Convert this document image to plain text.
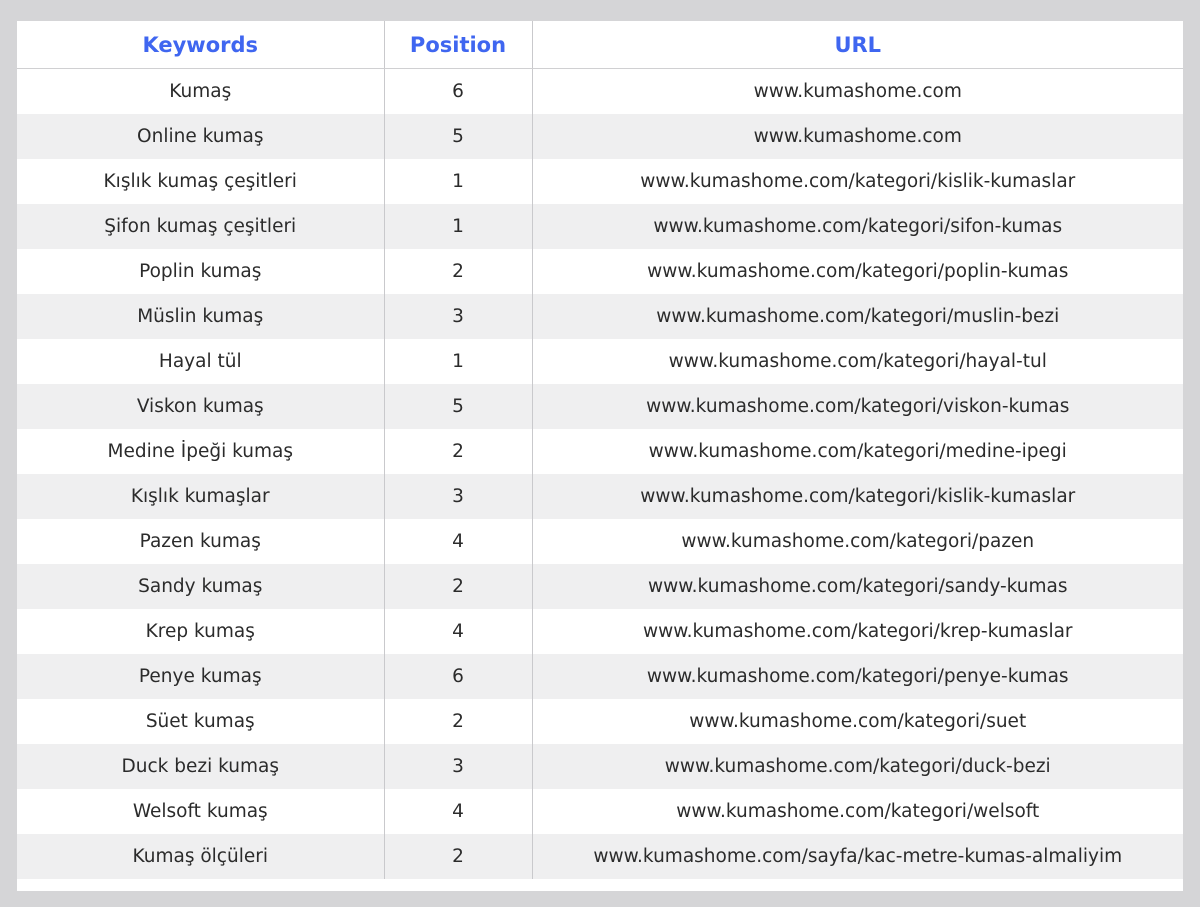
Keywords	Position	URL
Kumaş	6	www.kumashome.com
Online kumaş	5	www.kumashome.com
Kışlık kumaş çeşitleri	1	www.kumashome.com/kategori/kislik-kumaslar
Şifon kumaş çeşitleri	1	www.kumashome.com/kategori/sifon-kumas
Poplin kumaş	2	www.kumashome.com/kategori/poplin-kumas
Müslin kumaş	3	www.kumashome.com/kategori/muslin-bezi
Hayal tül	1	www.kumashome.com/kategori/hayal-tul
Viskon kumaş	5	www.kumashome.com/kategori/viskon-kumas
Medine İpeği kumaş	2	www.kumashome.com/kategori/medine-ipegi
Kışlık kumaşlar	3	www.kumashome.com/kategori/kislik-kumaslar
Pazen kumaş	4	www.kumashome.com/kategori/pazen
Sandy kumaş	2	www.kumashome.com/kategori/sandy-kumas
Krep kumaş	4	www.kumashome.com/kategori/krep-kumaslar
Penye kumaş	6	www.kumashome.com/kategori/penye-kumas
Süet kumaş	2	www.kumashome.com/kategori/suet
Duck bezi kumaş	3	www.kumashome.com/kategori/duck-bezi
Welsoft kumaş	4	www.kumashome.com/kategori/welsoft
Kumaş ölçüleri	2	www.kumashome.com/sayfa/kac-metre-kumas-almaliyim
